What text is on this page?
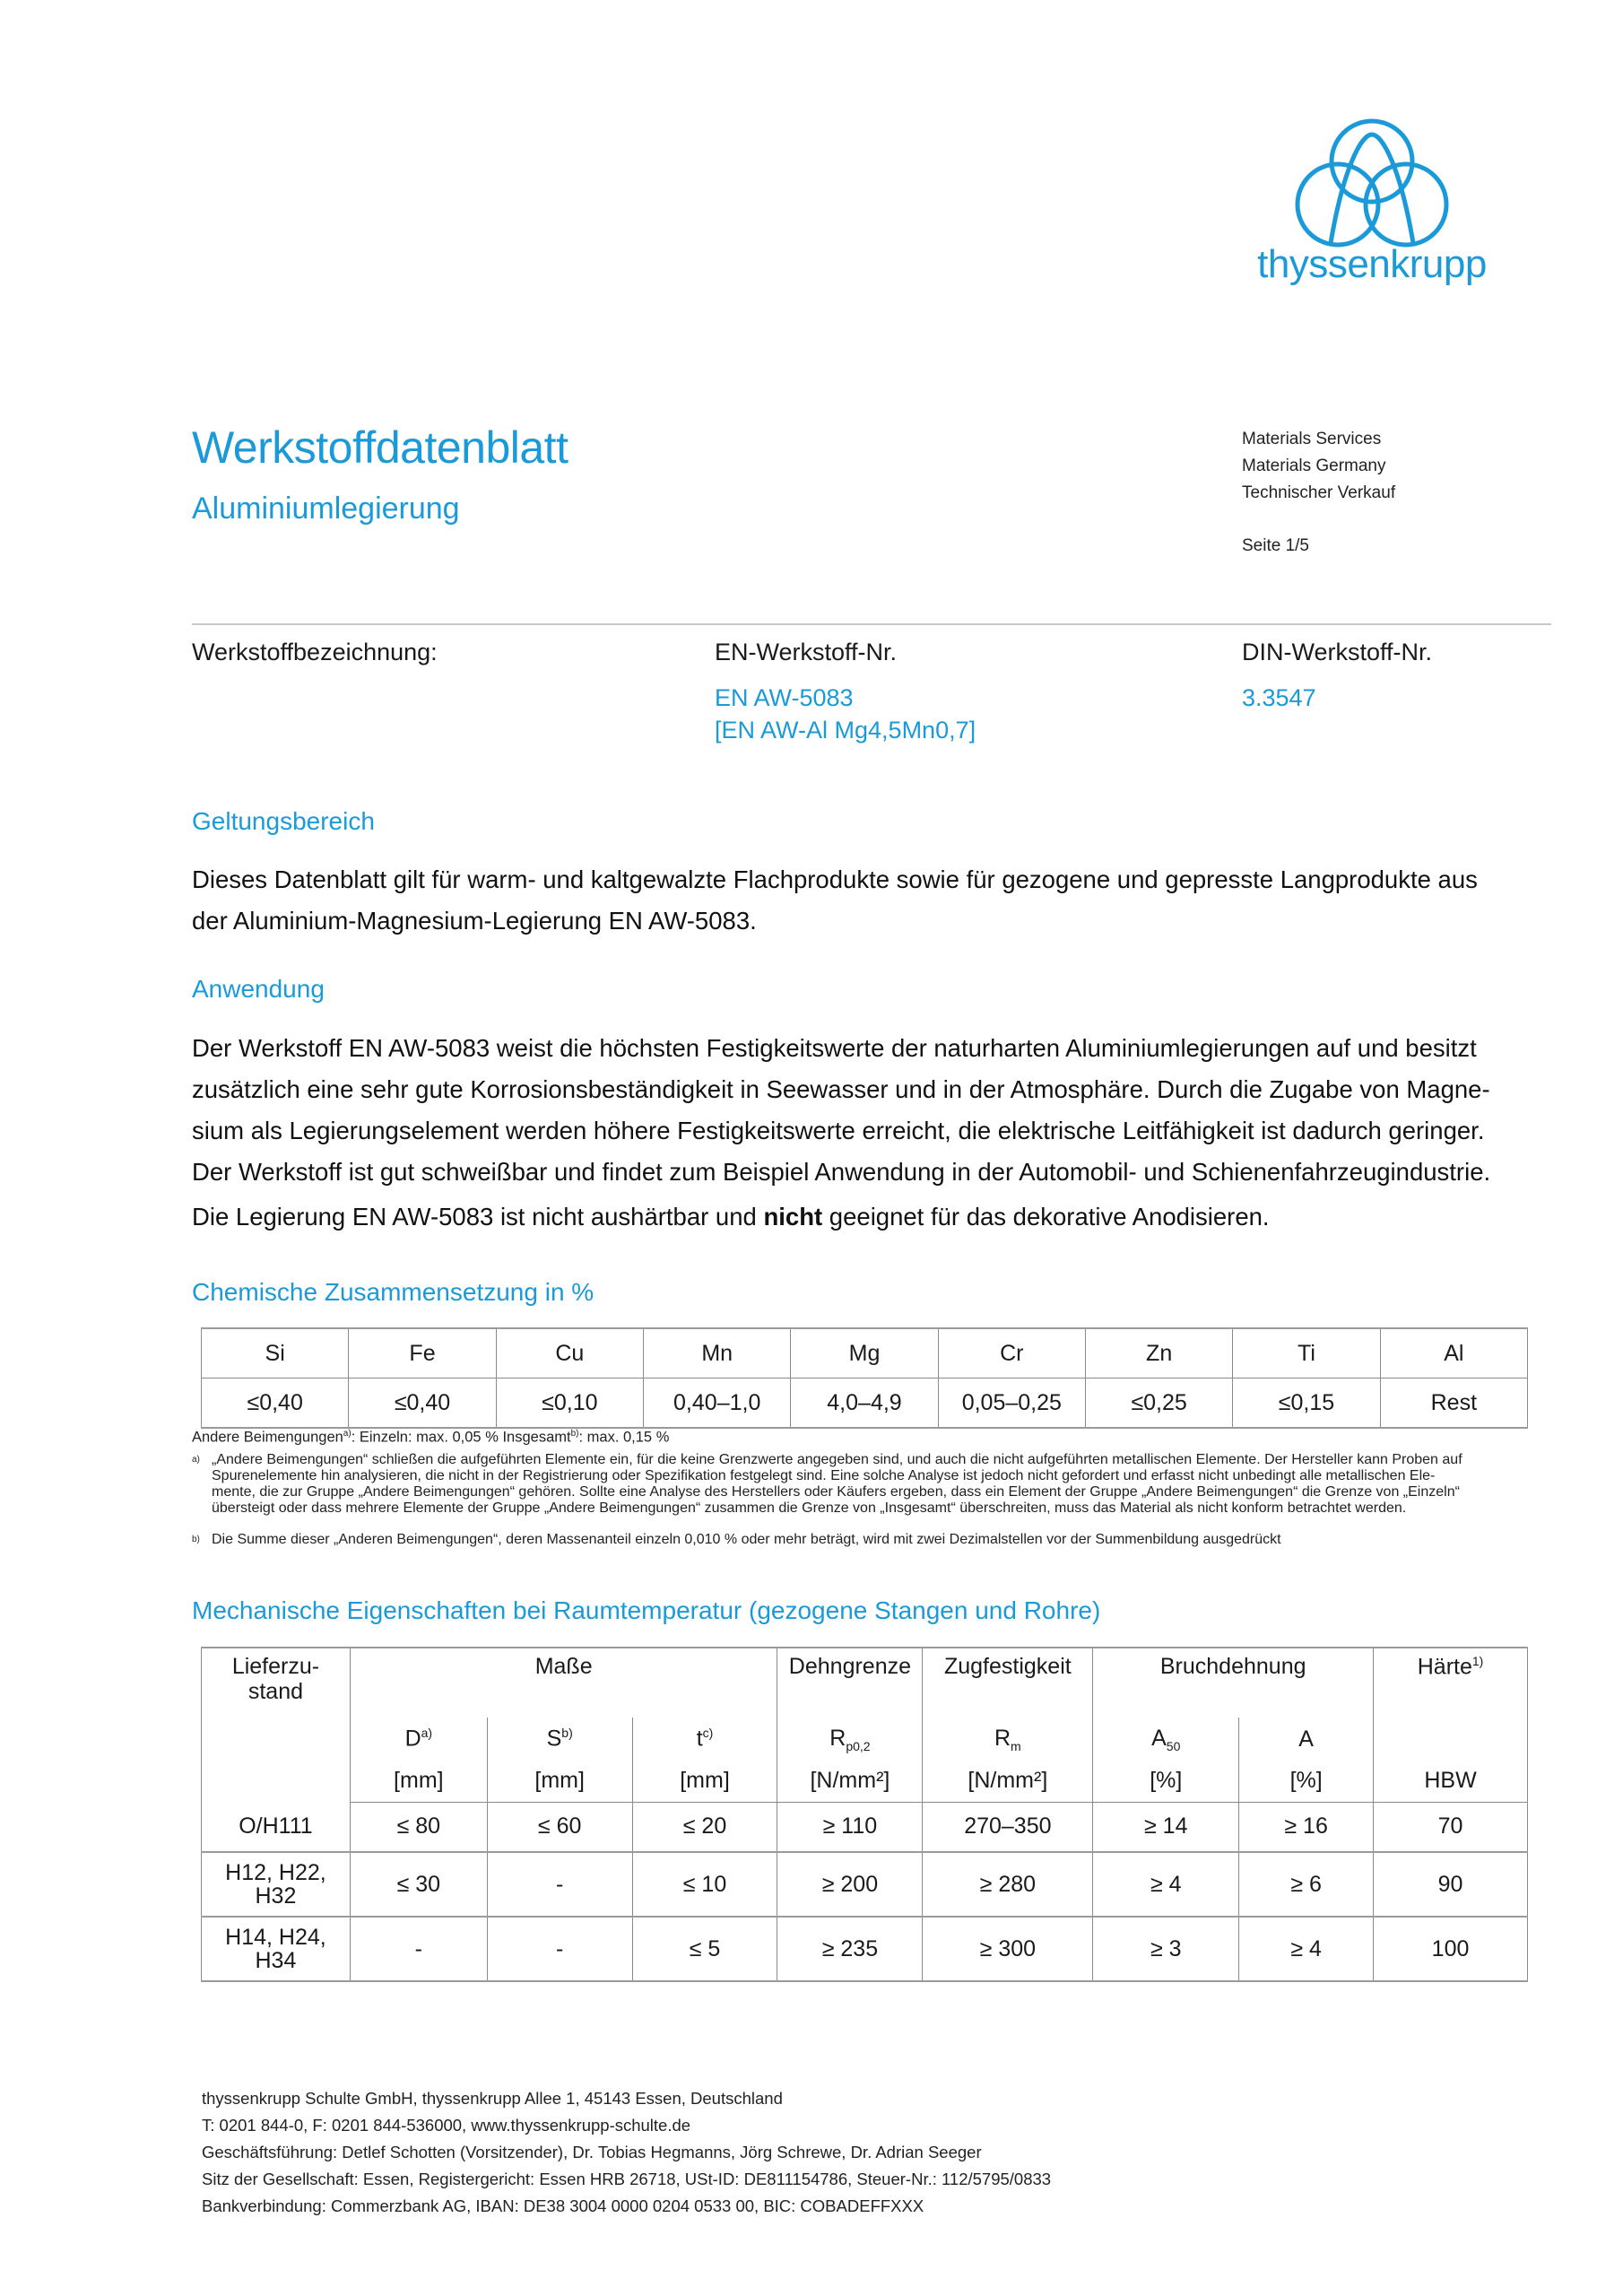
thyssenkrupp
Werkstoffdatenblatt
Aluminiumlegierung
Materials Services
Materials Germany
Technischer Verkauf
Seite 1/5
Werkstoffbezeichnung:	EN-Werkstoff-Nr.
EN AW-5083
[EN AW-Al Mg4,5Mn0,7]
DIN-Werkstoff-Nr.
3.3547
Geltungsbereich
Dieses Datenblatt gilt für warm- und kaltgewalzte Flachprodukte sowie für gezogene und gepresste Langprodukte aus
der Aluminium-Magnesium-Legierung EN AW-5083.
Anwendung
Der Werkstoff EN AW-5083 weist die höchsten Festigkeitswerte der naturharten Aluminiumlegierungen auf und besitzt
zusätzlich eine sehr gute Korrosionsbeständigkeit in Seewasser und in der Atmosphäre. Durch die Zugabe von Magne-
sium als Legierungselement werden höhere Festigkeitswerte erreicht, die elektrische Leitfähigkeit ist dadurch geringer.
Der Werkstoff ist gut schweißbar und findet zum Beispiel Anwendung in der Automobil- und Schienenfahrzeugindustrie.
Die Legierung EN AW-5083 ist nicht aushärtbar und nicht geeignet für das dekorative Anodisieren.
Chemische Zusammensetzung in %
Si	Fe	Cu	Mn	Mg	Cr	Zn	Ti	Al
≤0,40	≤0,40	≤0,10	0,40–1,0	4,0–4,9	0,05–0,25	≤0,25	≤0,15	Rest
Andere Beimengungen$^{a)}$: Einzeln: max. 0,05 % Insgesamt$^{b)}$: max. 0,15 %
a) „Andere Beimengungen“ schließen die aufgeführten Elemente ein, für die keine Grenzwerte angegeben sind, und auch die nicht aufgeführten metallischen Elemente. Der Hersteller kann Proben auf
Spurenelemente hin analysieren, die nicht in der Registrierung oder Spezifikation festgelegt sind. Eine solche Analyse ist jedoch nicht gefordert und erfasst nicht unbedingt alle metallischen Ele-
mente, die zur Gruppe „Andere Beimengungen“ gehören. Sollte eine Analyse des Herstellers oder Käufers ergeben, dass ein Element der Gruppe „Andere Beimengungen“ die Grenze von „Einzeln“
übersteigt oder dass mehrere Elemente der Gruppe „Andere Beimengungen“ zusammen die Grenze von „Insgesamt“ überschreiten, muss das Material als nicht konform betrachtet werden.
b) Die Summe dieser „Anderen Beimengungen“, deren Massenanteil einzeln 0,010 % oder mehr beträgt, wird mit zwei Dezimalstellen vor der Summenbildung ausgedrückt
Mechanische Eigenschaften bei Raumtemperatur (gezogene Stangen und Rohre)
Lieferzu-
stand	Maße			Dehngrenze	Zugfestigkeit	Bruchdehnung		Härte$^{1)}$
	$D^{a)}$	$S^{b)}$	$t^{c)}$	$R_{p0,2}$	$R_m$	$A_{50}$	A	
	[mm]	[mm]	[mm]	[N/mm²]	[N/mm²]	[%]	[%]	HBW
O/H111	≤ 80	≤ 60	≤ 20	≥ 110	270–350	≥ 14	≥ 16	70

H12, H22,
H32	≤ 30	-	≤ 10	≥ 200	≥ 280	≥ 4	≥ 6	90

H14, H24,
H34	-	-	≤ 5	≥ 235	≥ 300	≥ 3	≥ 4	100
thyssenkrupp Schulte GmbH, thyssenkrupp Allee 1, 45143 Essen, Deutschland
T: 0201 844-0, F: 0201 844-536000, www.thyssenkrupp-schulte.de
Geschäftsführung: Detlef Schotten (Vorsitzender), Dr. Tobias Hegmanns, Jörg Schrewe, Dr. Adrian Seeger
Sitz der Gesellschaft: Essen, Registergericht: Essen HRB 26718, USt-ID: DE811154786, Steuer-Nr.: 112/5795/0833
Bankverbindung: Commerzbank AG, IBAN: DE38 3004 0000 0204 0533 00, BIC: COBADEFFXXX
